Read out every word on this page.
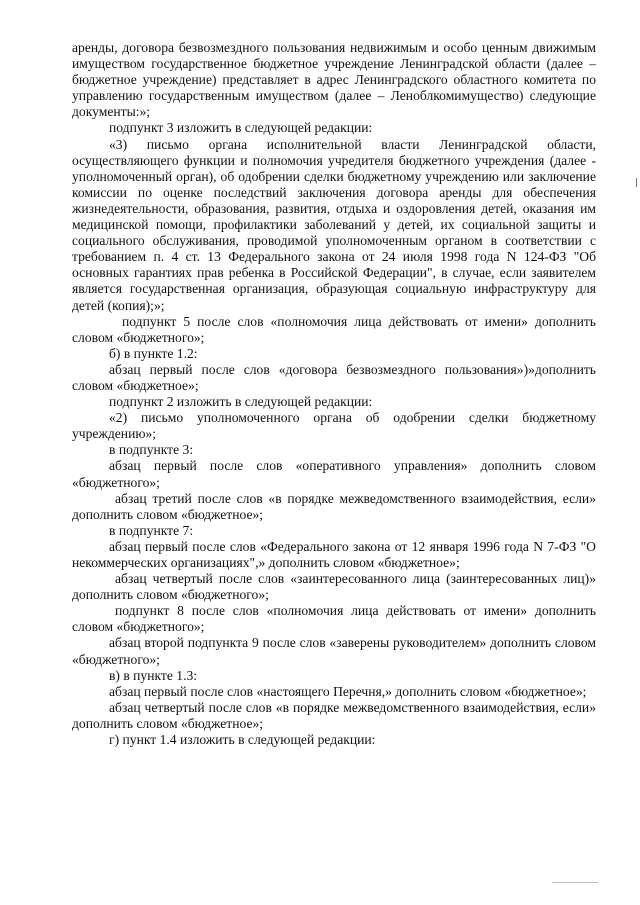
аренды, договора безвозмездного пользования недвижимым и особо ценным движимым имуществом государственное бюджетное учреждение Ленинградской области (далее – бюджетное учреждение) представляет в адрес Ленинградского областного комитета по управлению государственным имуществом (далее – Леноблкомимущество) следующие документы:»;

подпункт 3 изложить в следующей редакции:

«3) письмо органа исполнительной власти Ленинградской области, осуществляющего функции и полномочия учредителя бюджетного учреждения (далее - уполномоченный орган), об одобрении сделки бюджетному учреждению или заключение комиссии по оценке последствий заключения договора аренды для обеспечения жизнедеятельности, образования, развития, отдыха и оздоровления детей, оказания им медицинской помощи, профилактики заболеваний у детей, их социальной защиты и социального обслуживания, проводимой уполномоченным органом в соответствии с требованием п. 4 ст. 13 Федерального закона от 24 июля 1998 года N 124-ФЗ "Об основных гарантиях прав ребенка в Российской Федерации", в случае, если заявителем является государственная организация, образующая социальную инфраструктуру для детей (копия);»;

подпункт 5 после слов «полномочия лица действовать от имени» дополнить словом «бюджетного»;

б) в пункте 1.2:

абзац первый после слов «договора безвозмездного пользования»)»дополнить словом «бюджетное»;

подпункт 2 изложить в следующей редакции:

«2) письмо уполномоченного органа об одобрении сделки бюджетному учреждению»;

в подпункте 3:

абзац первый после слов «оперативного управления» дополнить словом «бюджетного»;

абзац третий после слов «в порядке межведомственного взаимодействия, если» дополнить словом «бюджетное»;

в подпункте 7:

абзац первый после слов «Федерального закона от 12 января 1996 года N 7-ФЗ "О некоммерческих организациях",» дополнить словом «бюджетное»;

абзац четвертый после слов «заинтересованного лица (заинтересованных лиц)» дополнить словом «бюджетного»;

подпункт 8 после слов «полномочия лица действовать от имени» дополнить словом «бюджетного»;

абзац второй подпункта 9 после слов «заверены руководителем» дополнить словом «бюджетного»;

в) в пункте 1.3:

абзац первый после слов «настоящего Перечня,» дополнить словом «бюджетное»;

абзац четвертый после слов «в порядке межведомственного взаимодействия, если» дополнить словом «бюджетное»;

г) пункт 1.4 изложить в следующей редакции:
